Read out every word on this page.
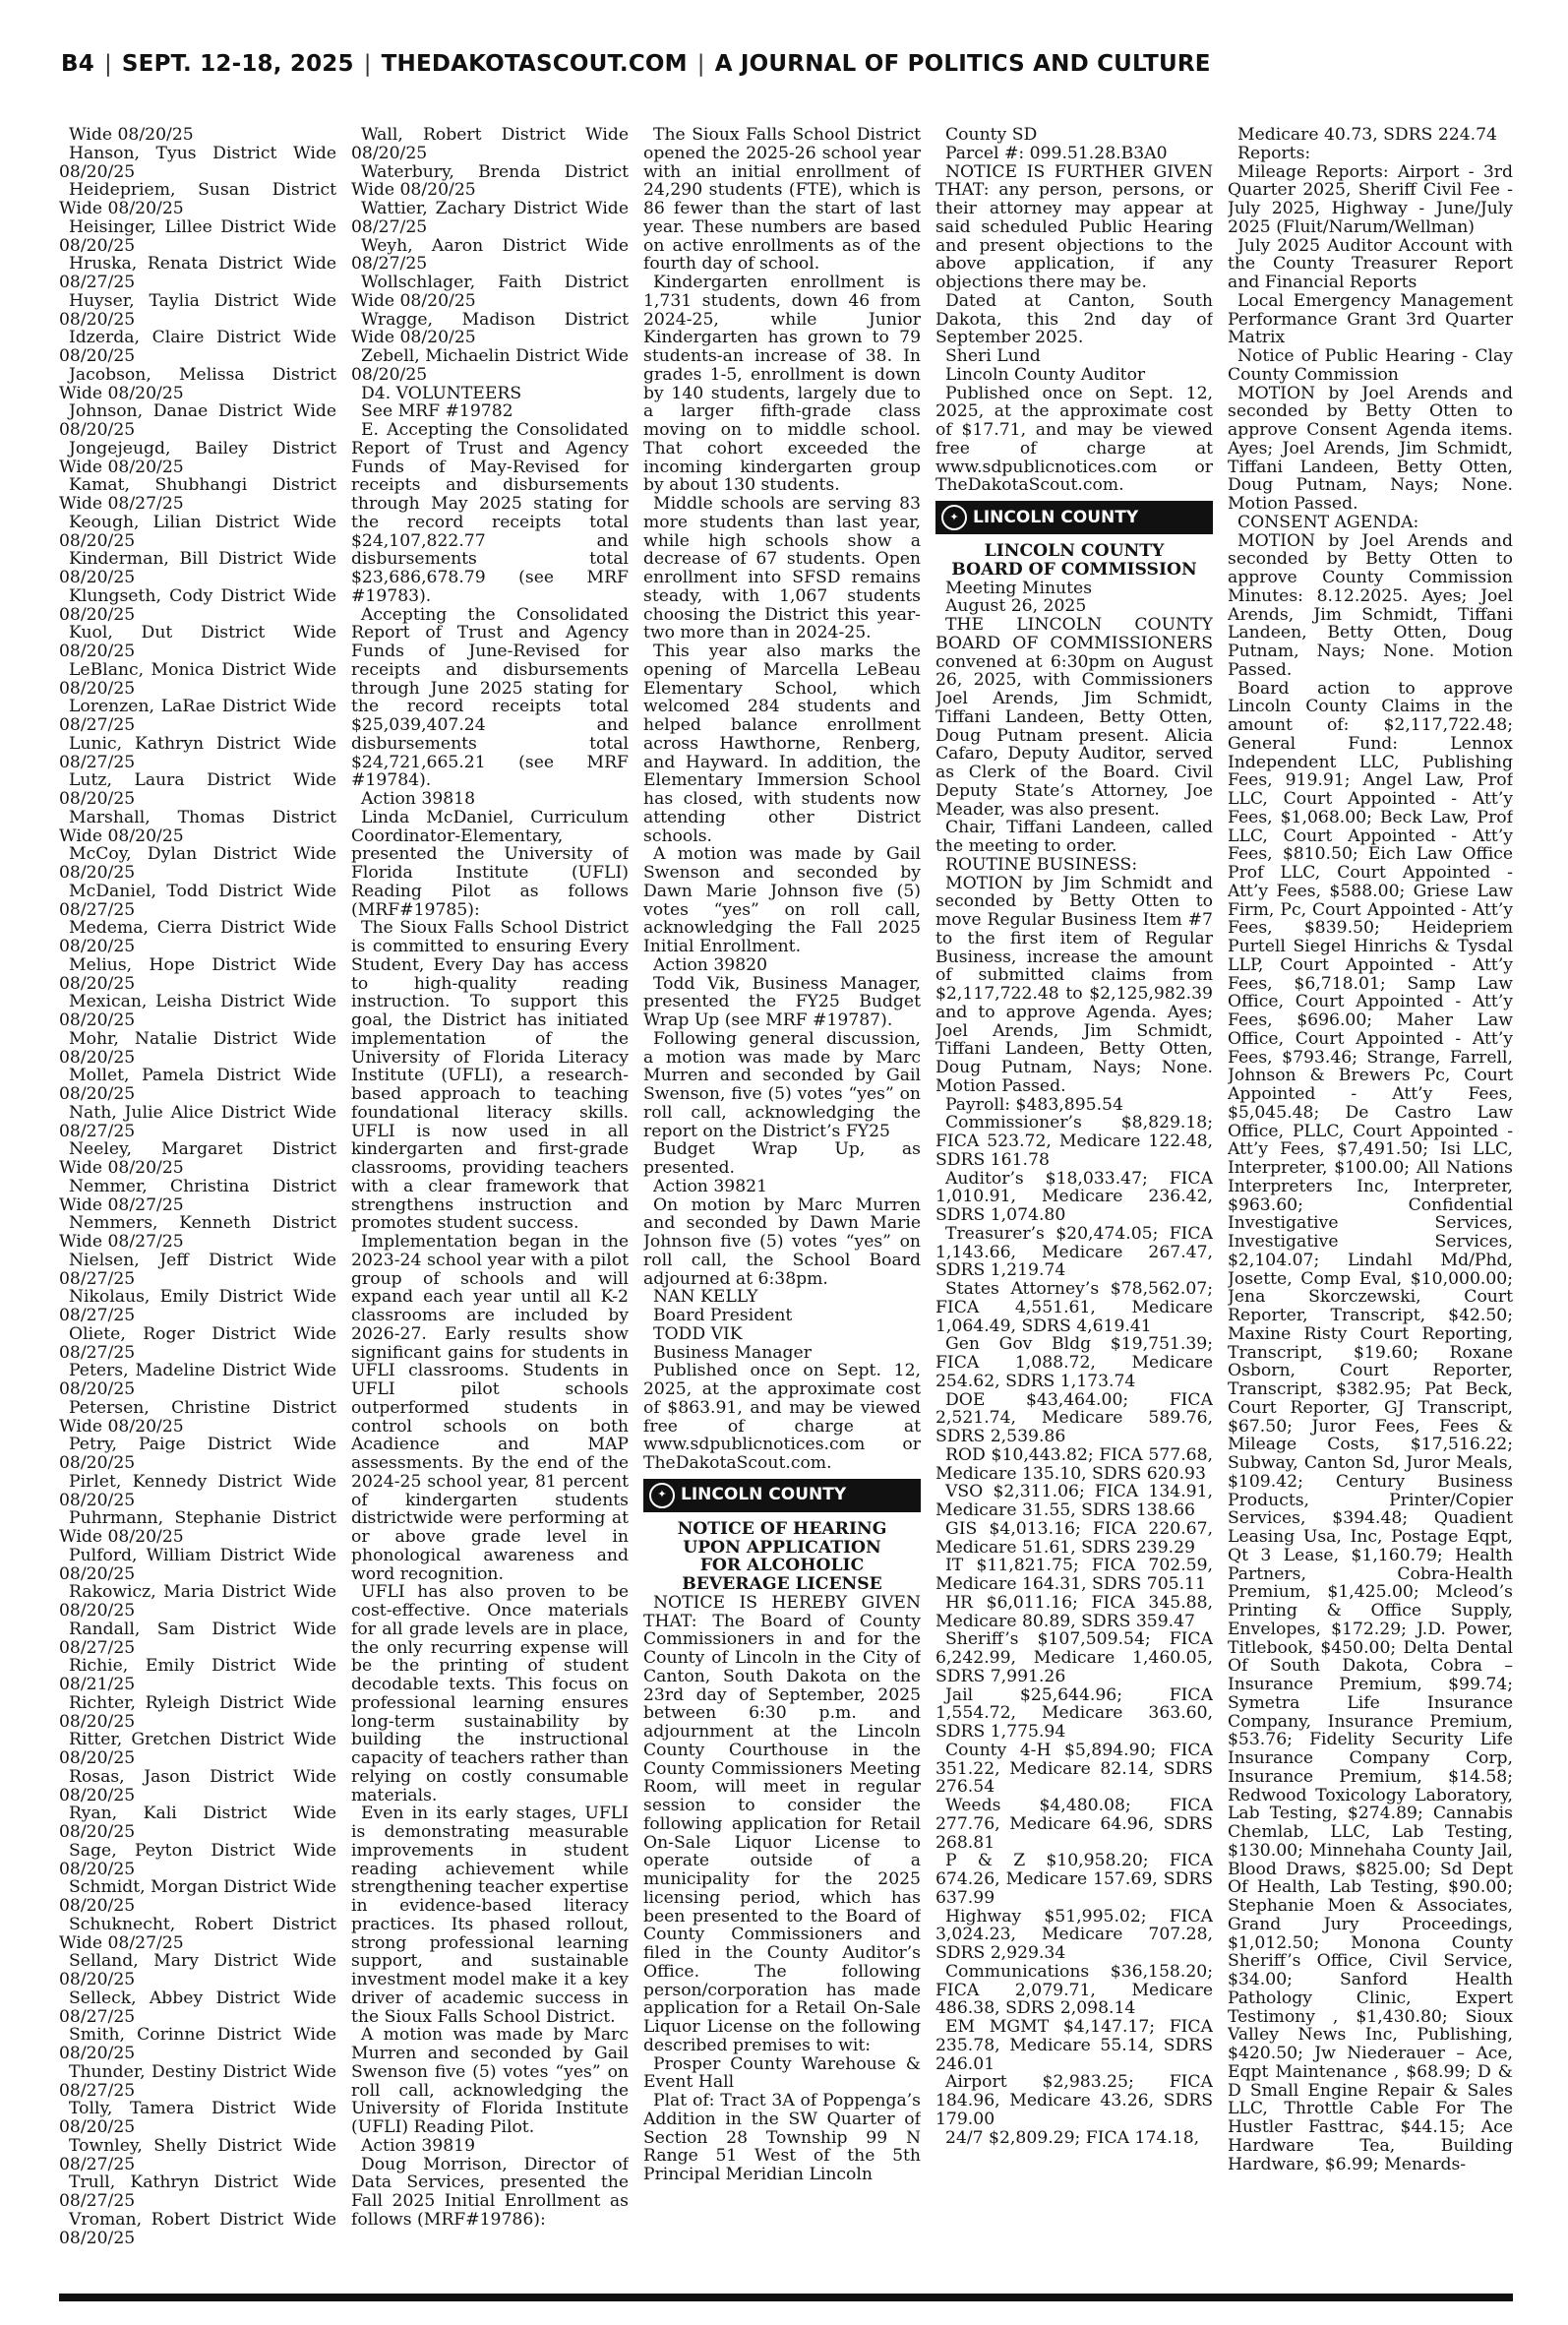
B4 | SEPT. 12-18, 2025 | THEDAKOTASCOUT.COM | A JOURNAL OF POLITICS AND CULTURE

Wide 08/20/25

Hanson, Tyus District Wide 08/20/25

Heidepriem, Susan District Wide 08/20/25

Heisinger, Lillee District Wide 08/20/25

Hruska, Renata District Wide 08/27/25

Huyser, Taylia District Wide 08/20/25

Idzerda, Claire District Wide 08/20/25

Jacobson, Melissa District Wide 08/20/25

Johnson, Danae District Wide 08/20/25

Jongejeugd, Bailey District Wide 08/20/25

Kamat, Shubhangi District Wide 08/27/25

Keough, Lilian District Wide 08/20/25

Kinderman, Bill District Wide 08/20/25

Klungseth, Cody District Wide 08/20/25

Kuol, Dut District Wide 08/20/25

LeBlanc, Monica District Wide 08/20/25

Lorenzen, LaRae District Wide 08/27/25

Lunic, Kathryn District Wide 08/27/25

Lutz, Laura District Wide 08/20/25

Marshall, Thomas District Wide 08/20/25

McCoy, Dylan District Wide 08/20/25

McDaniel, Todd District Wide 08/27/25

Medema, Cierra District Wide 08/20/25

Melius, Hope District Wide 08/20/25

Mexican, Leisha District Wide 08/20/25

Mohr, Natalie District Wide 08/20/25

Mollet, Pamela District Wide 08/20/25

Nath, Julie Alice District Wide 08/27/25

Neeley, Margaret District Wide 08/20/25

Nemmer, Christina District Wide 08/27/25

Nemmers, Kenneth District Wide 08/27/25

Nielsen, Jeff District Wide 08/27/25

Nikolaus, Emily District Wide 08/27/25

Oliete, Roger District Wide 08/27/25

Peters, Madeline District Wide 08/20/25

Petersen, Christine District Wide 08/20/25

Petry, Paige District Wide 08/20/25

Pirlet, Kennedy District Wide 08/20/25

Puhrmann, Stephanie District Wide 08/20/25

Pulford, William District Wide 08/20/25

Rakowicz, Maria District Wide 08/20/25

Randall, Sam District Wide 08/27/25

Richie, Emily District Wide 08/21/25

Richter, Ryleigh District Wide 08/20/25

Ritter, Gretchen District Wide 08/20/25

Rosas, Jason District Wide 08/20/25

Ryan, Kali District Wide 08/20/25

Sage, Peyton District Wide 08/20/25

Schmidt, Morgan District Wide 08/20/25

Schuknecht, Robert District Wide 08/27/25

Selland, Mary District Wide 08/20/25

Selleck, Abbey District Wide 08/27/25

Smith, Corinne District Wide 08/20/25

Thunder, Destiny District Wide 08/27/25

Tolly, Tamera District Wide 08/20/25

Townley, Shelly District Wide 08/27/25

Trull, Kathryn District Wide 08/27/25

Vroman, Robert District Wide 08/20/25

Wall, Robert District Wide 08/20/25

Waterbury, Brenda District Wide 08/20/25

Wattier, Zachary District Wide 08/27/25

Weyh, Aaron District Wide 08/27/25

Wollschlager, Faith District Wide 08/20/25

Wragge, Madison District Wide 08/20/25

Zebell, Michaelin District Wide 08/20/25

D4. VOLUNTEERS

See MRF #19782

E. Accepting the Consolidated Report of Trust and Agency Funds of May-Revised for receipts and disbursements through May 2025 stating for the record receipts total $24,107,822.77 and disbursements total $23,686,678.79 (see MRF #19783).

Accepting the Consolidated Report of Trust and Agency Funds of June-Revised for receipts and disbursements through June 2025 stating for the record receipts total $25,039,407.24 and disbursements total $24,721,665.21 (see MRF #19784).

Action 39818

Linda McDaniel, Curriculum Coordinator-Elementary, presented the University of Florida Institute (UFLI) Reading Pilot as follows (MRF#19785):

The Sioux Falls School District is committed to ensuring Every Student, Every Day has access to high-quality reading instruction. To support this goal, the District has initiated implementation of the University of Florida Literacy Institute (UFLI), a research-based approach to teaching foundational literacy skills. UFLI is now used in all kindergarten and first-grade classrooms, providing teachers with a clear framework that strengthens instruction and promotes student success.

Implementation began in the 2023-24 school year with a pilot group of schools and will expand each year until all K-2 classrooms are included by 2026-27. Early results show significant gains for students in UFLI classrooms. Students in UFLI pilot schools outperformed students in control schools on both Acadience and MAP assessments. By the end of the 2024-25 school year, 81 percent of kindergarten students districtwide were performing at or above grade level in phonological awareness and word recognition.

UFLI has also proven to be cost-effective. Once materials for all grade levels are in place, the only recurring expense will be the printing of student decodable texts. This focus on professional learning ensures long-term sustainability by building the instructional capacity of teachers rather than relying on costly consumable materials.

Even in its early stages, UFLI is demonstrating measurable improvements in student reading achievement while strengthening teacher expertise in evidence-based literacy practices. Its phased rollout, strong professional learning support, and sustainable investment model make it a key driver of academic success in the Sioux Falls School District.

A motion was made by Marc Murren and seconded by Gail Swenson five (5) votes “yes” on roll call, acknowledging the University of Florida Institute (UFLI) Reading Pilot.

Action 39819

Doug Morrison, Director of Data Services, presented the Fall 2025 Initial Enrollment as follows (MRF#19786):

The Sioux Falls School District opened the 2025-26 school year with an initial enrollment of 24,290 students (FTE), which is 86 fewer than the start of last year. These numbers are based on active enrollments as of the fourth day of school.

Kindergarten enrollment is 1,731 students, down 46 from 2024-25, while Junior Kindergarten has grown to 79 students-an increase of 38. In grades 1-5, enrollment is down by 140 students, largely due to a larger fifth-grade class moving on to middle school. That cohort exceeded the incoming kindergarten group by about 130 students.

Middle schools are serving 83 more students than last year, while high schools show a decrease of 67 students. Open enrollment into SFSD remains steady, with 1,067 students choosing the District this year-two more than in 2024-25.

This year also marks the opening of Marcella LeBeau Elementary School, which welcomed 284 students and helped balance enrollment across Hawthorne, Renberg, and Hayward. In addition, the Elementary Immersion School has closed, with students now attending other District schools.

A motion was made by Gail Swenson and seconded by Dawn Marie Johnson five (5) votes “yes” on roll call, acknowledging the Fall 2025 Initial Enrollment.

Action 39820

Todd Vik, Business Manager, presented the FY25 Budget Wrap Up (see MRF #19787).

Following general discussion, a motion was made by Marc Murren and seconded by Gail Swenson, five (5) votes “yes” on roll call, acknowledging the report on the District’s FY25

Budget Wrap Up, as presented.

Action 39821

On motion by Marc Murren and seconded by Dawn Marie Johnson five (5) votes “yes” on roll call, the School Board adjourned at 6:38pm.

NAN KELLY

Board President

TODD VIK

Business Manager

Published once on Sept. 12, 2025, at the approximate cost of $863.91, and may be viewed free of charge at www.sdpublicnotices.com or TheDakotaScout.com.

✦ LINCOLN COUNTY

NOTICE OF HEARING

UPON APPLICATION

FOR ALCOHOLIC

BEVERAGE LICENSE

NOTICE IS HEREBY GIVEN THAT: The Board of County Commissioners in and for the County of Lincoln in the City of Canton, South Dakota on the 23rd day of September, 2025 between 6:30 p.m. and adjournment at the Lincoln County Courthouse in the County Commissioners Meeting Room, will meet in regular session to consider the following application for Retail On-Sale Liquor License to operate outside of a municipality for the 2025 licensing period, which has been presented to the Board of County Commissioners and filed in the County Auditor’s Office. The following person/corporation has made application for a Retail On-Sale Liquor License on the following described premises to wit:

Prosper County Warehouse & Event Hall

Plat of: Tract 3A of Poppenga’s Addition in the SW Quarter of Section 28 Township 99 N Range 51 West of the 5th Principal Meridian Lincoln

County SD

Parcel #: 099.51.28.B3A0

NOTICE IS FURTHER GIVEN THAT: any person, persons, or their attorney may appear at said scheduled Public Hearing and present objections to the above application, if any objections there may be.

Dated at Canton, South Dakota, this 2nd day of September 2025.

Sheri Lund

Lincoln County Auditor

Published once on Sept. 12, 2025, at the approximate cost of $17.71, and may be viewed free of charge at www.sdpublicnotices.com or TheDakotaScout.com.

✦ LINCOLN COUNTY

LINCOLN COUNTY

BOARD OF COMMISSION

Meeting Minutes

August 26, 2025

THE LINCOLN COUNTY BOARD OF COMMISSIONERS convened at 6:30pm on August 26, 2025, with Commissioners Joel Arends, Jim Schmidt, Tiffani Landeen, Betty Otten, Doug Putnam present. Alicia Cafaro, Deputy Auditor, served as Clerk of the Board. Civil Deputy State’s Attorney, Joe Meader, was also present.

Chair, Tiffani Landeen, called the meeting to order.

ROUTINE BUSINESS:

MOTION by Jim Schmidt and seconded by Betty Otten to move Regular Business Item #7 to the first item of Regular Business, increase the amount of submitted claims from $2,117,722.48 to $2,125,982.39 and to approve Agenda. Ayes; Joel Arends, Jim Schmidt, Tiffani Landeen, Betty Otten, Doug Putnam, Nays; None. Motion Passed.

Payroll: $483,895.54

Commissioner’s $8,829.18; FICA 523.72, Medicare 122.48, SDRS 161.78

Auditor’s $18,033.47; FICA 1,010.91, Medicare 236.42, SDRS 1,074.80

Treasurer’s $20,474.05; FICA 1,143.66, Medicare 267.47, SDRS 1,219.74

States Attorney’s $78,562.07; FICA 4,551.61, Medicare 1,064.49, SDRS 4,619.41

Gen Gov Bldg $19,751.39; FICA 1,088.72, Medicare 254.62, SDRS 1,173.74

DOE $43,464.00; FICA 2,521.74, Medicare 589.76, SDRS 2,539.86

ROD $10,443.82; FICA 577.68, Medicare 135.10, SDRS 620.93

VSO $2,311.06; FICA 134.91, Medicare 31.55, SDRS 138.66

GIS $4,013.16; FICA 220.67, Medicare 51.61, SDRS 239.29

IT $11,821.75; FICA 702.59, Medicare 164.31, SDRS 705.11

HR $6,011.16; FICA 345.88, Medicare 80.89, SDRS 359.47

Sheriff’s $107,509.54; FICA 6,242.99, Medicare 1,460.05, SDRS 7,991.26

Jail $25,644.96; FICA 1,554.72, Medicare 363.60, SDRS 1,775.94

County 4-H $5,894.90; FICA 351.22, Medicare 82.14, SDRS 276.54

Weeds $4,480.08; FICA 277.76, Medicare 64.96, SDRS 268.81

P & Z $10,958.20; FICA 674.26, Medicare 157.69, SDRS 637.99

Highway $51,995.02; FICA 3,024.23, Medicare 707.28, SDRS 2,929.34

Communications $36,158.20; FICA 2,079.71, Medicare 486.38, SDRS 2,098.14

EM MGMT $4,147.17; FICA 235.78, Medicare 55.14, SDRS 246.01

Airport $2,983.25; FICA 184.96, Medicare 43.26, SDRS 179.00

24/7 $2,809.29; FICA 174.18,

Medicare 40.73, SDRS 224.74

Reports:

Mileage Reports: Airport - 3rd Quarter 2025, Sheriff Civil Fee - July 2025, Highway - June/July 2025 (Fluit/Narum/Wellman)

July 2025 Auditor Account with the County Treasurer Report and Financial Reports

Local Emergency Management Performance Grant 3rd Quarter Matrix

Notice of Public Hearing - Clay County Commission

MOTION by Joel Arends and seconded by Betty Otten to approve Consent Agenda items. Ayes; Joel Arends, Jim Schmidt, Tiffani Landeen, Betty Otten, Doug Putnam, Nays; None. Motion Passed.

CONSENT AGENDA:

MOTION by Joel Arends and seconded by Betty Otten to approve County Commission Minutes: 8.12.2025. Ayes; Joel Arends, Jim Schmidt, Tiffani Landeen, Betty Otten, Doug Putnam, Nays; None. Motion Passed.

Board action to approve Lincoln County Claims in the amount of: $2,117,722.48; General Fund: Lennox Independent LLC, Publishing Fees, 919.91; Angel Law, Prof LLC, Court Appointed - Att’y Fees, $1,068.00; Beck Law, Prof LLC, Court Appointed - Att’y Fees, $810.50; Eich Law Office Prof LLC, Court Appointed - Att’y Fees, $588.00; Griese Law Firm, Pc, Court Appointed - Att’y Fees, $839.50; Heidepriem Purtell Siegel Hinrichs & Tysdal LLP, Court Appointed - Att’y Fees, $6,718.01; Samp Law Office, Court Appointed - Att’y Fees, $696.00; Maher Law Office, Court Appointed - Att’y Fees, $793.46; Strange, Farrell, Johnson & Brewers Pc, Court Appointed - Att’y Fees, $5,045.48; De Castro Law Office, PLLC, Court Appointed - Att’y Fees, $7,491.50; Isi LLC, Interpreter, $100.00; All Nations Interpreters Inc, Interpreter, $963.60; Confidential Investigative Services, Investigative Services, $2,104.07; Lindahl Md/Phd, Josette, Comp Eval, $10,000.00; Jena Skorczewski, Court Reporter, Transcript, $42.50; Maxine Risty Court Reporting, Transcript, $19.60; Roxane Osborn, Court Reporter, Transcript, $382.95; Pat Beck, Court Reporter, GJ Transcript, $67.50; Juror Fees, Fees & Mileage Costs, $17,516.22; Subway, Canton Sd, Juror Meals, $109.42; Century Business Products, Printer/Copier Services, $394.48; Quadient Leasing Usa, Inc, Postage Eqpt, Qt 3 Lease, $1,160.79; Health Partners, Cobra-Health Premium, $1,425.00; Mcleod’s Printing & Office Supply, Envelopes, $172.29; J.D. Power, Titlebook, $450.00; Delta Dental Of South Dakota, Cobra – Insurance Premium, $99.74; Symetra Life Insurance Company, Insurance Premium, $53.76; Fidelity Security Life Insurance Company Corp, Insurance Premium, $14.58; Redwood Toxicology Laboratory, Lab Testing, $274.89; Cannabis Chemlab, LLC, Lab Testing, $130.00; Minnehaha County Jail, Blood Draws, $825.00; Sd Dept Of Health, Lab Testing, $90.00; Stephanie Moen & Associates, Grand Jury Proceedings, $1,012.50; Monona County Sheriff’s Office, Civil Service, $34.00; Sanford Health Pathology Clinic, Expert Testimony , $1,430.80; Sioux Valley News Inc, Publishing, $420.50; Jw Niederauer – Ace, Eqpt Maintenance , $68.99; D & D Small Engine Repair & Sales LLC, Throttle Cable For The Hustler Fasttrac, $44.15; Ace Hardware Tea, Building Hardware, $6.99; Menards-
